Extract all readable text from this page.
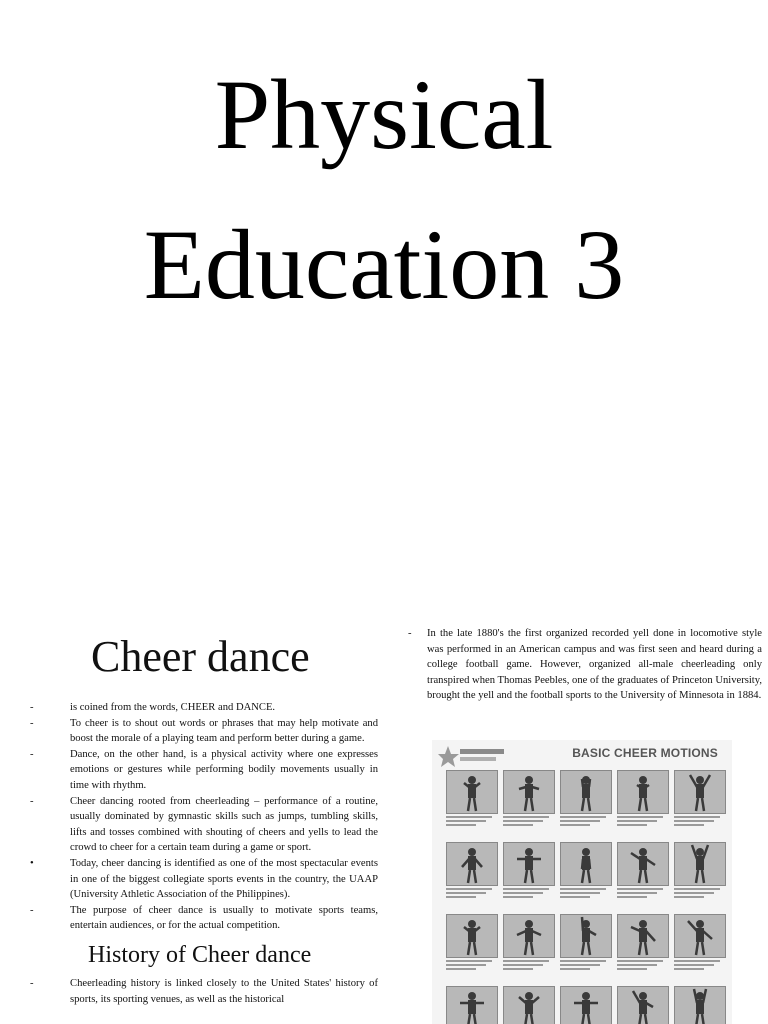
Physical
Education 3
Cheer dance
-	is coined from the words, CHEER and DANCE.
-	To cheer is to shout out words or phrases that may help motivate and boost the morale of a playing team and perform better during a game.
-	Dance, on the other hand, is a physical activity where one expresses emotions or gestures while performing bodily movements usually in time with rhythm.
-	Cheer dancing rooted from cheerleading – performance of a routine, usually dominated by gymnastic skills such as jumps, tumbling skills, lifts and tosses combined with shouting of cheers and yells to lead the crowd to cheer for a certain team during a game or sport.
•	Today, cheer dancing is identified as one of the most spectacular events in one of the biggest collegiate sports events in the country, the UAAP (University Athletic Association of the Philippines).
-	The purpose of cheer dance is usually to motivate sports teams, entertain audiences, or for the actual competition.
History of Cheer dance
-	Cheerleading history is linked closely to the United States' history of sports, its sporting venues, as well as the historical

- In the late 1880's the first organized recorded yell done in locomotive style was performed in an American campus and was first seen and heard during a college football game. However, organized all-male cheerleading only transpired when Thomas Peebles, one of the graduates of Princeton University, brought the yell and the football sports to the University of Minnesota in 1884.

BASIC CHEER MOTIONS
